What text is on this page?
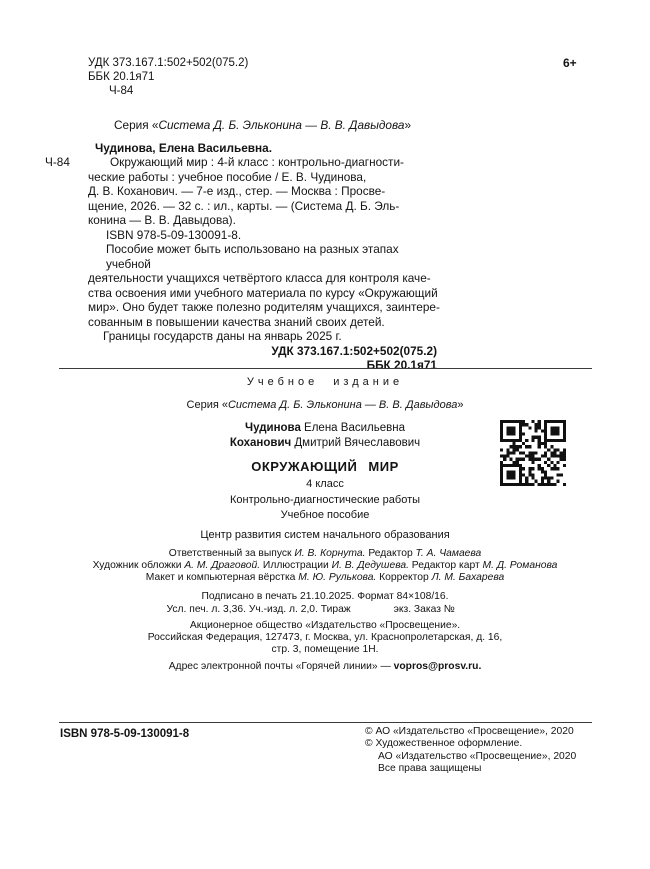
УДК 373.167.1:502+502(075.2)
ББК 20.1я71
Ч-84
6+
Серия «Система Д. Б. Эльконина — В. В. Давыдова»
Чудинова, Елена Васильевна.
Ч-84	Окружающий мир : 4-й класс : контрольно-диагности-
ческие работы : учебное пособие / Е. В. Чудинова,
Д. В. Коханович. — 7-е изд., стер. — Москва : Просве-
щение, 2026. — 32 с. : ил., карты. — (Система Д. Б. Эль-
конина — В. В. Давыдова).
ISBN 978-5-09-130091-8.
Пособие может быть использовано на разных этапах учебной
деятельности учащихся четвёртого класса для контроля каче-
ства освоения ими учебного материала по курсу «Окружающий
мир». Оно будет также полезно родителям учащихся, заинтере-
сованным в повышении качества знаний своих детей.
Границы государств даны на январь 2025 г.
УДК 373.167.1:502+502(075.2)
ББК 20.1я71
Учебное издание
Серия «Система Д. Б. Эльконина — В. В. Давыдова»
Чудинова Елена Васильевна
Коханович Дмитрий Вячеславович
ОКРУЖАЮЩИЙ МИР
4 класс
Контрольно-диагностические работы
Учебное пособие
Центр развития систем начального образования
Ответственный за выпуск И. В. Корнута. Редактор Т. А. Чамаева
Художник обложки А. М. Драговой. Иллюстрации И. В. Дедушева. Редактор карт М. Д. Романова
Макет и компьютерная вёрстка М. Ю. Рулькова. Корректор Л. М. Бахарева
Подписано в печать 21.10.2025. Формат 84×108/16.
Усл. печ. л. 3,36. Уч.-изд. л. 2,0. Тираж               экз. Заказ №
Акционерное общество «Издательство «Просвещение».
Российская Федерация, 127473, г. Москва, ул. Краснопролетарская, д. 16,
стр. 3, помещение 1Н.
Адрес электронной почты «Горячей линии» — vopros@prosv.ru.
ISBN 978-5-09-130091-8	© АО «Издательство «Просвещение», 2020
© Художественное оформление.
АО «Издательство «Просвещение», 2020
Все права защищены
